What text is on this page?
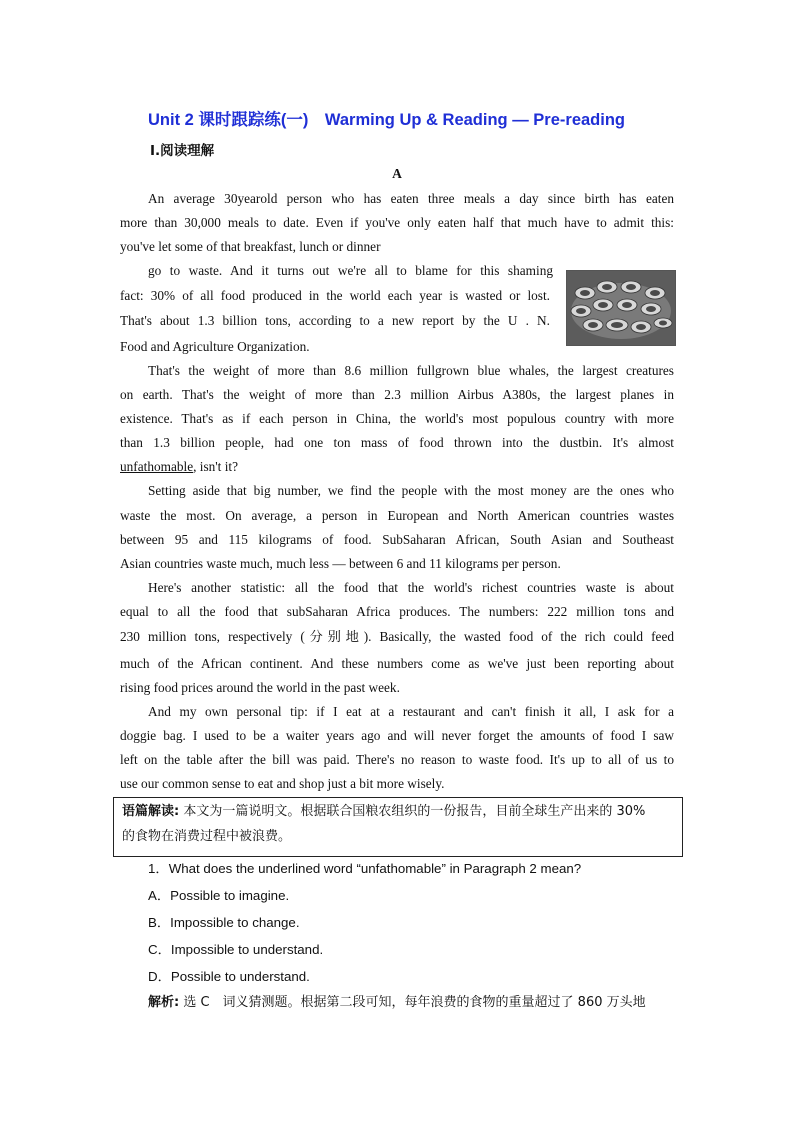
Unit 2 课时跟踪练(一)　Warming Up & Reading — Pre-reading
Ⅰ.阅读理解
A
An average 30yearold person who has eaten three meals a day since birth has eaten
more than 30,000 meals to date. Even if you've only eaten half that much have to admit this:
you've let some of that breakfast, lunch or dinner
go to waste. And it turns out we're all to blame for this shaming
fact: 30% of all food produced in the world each year is wasted or lost.
That's about 1.3 billion tons, according to a new report by the U . N.
Food and Agriculture Organization.
That's the weight of more than 8.6 million fullgrown blue whales, the largest creatures
on earth. That's the weight of more than 2.3 million Airbus A380s, the largest planes in
existence. That's as if each person in China, the world's most populous country with more
than 1.3 billion people, had one ton mass of food thrown into the dustbin. It's almost
unfathomable, isn't it?
Setting aside that big number, we find the people with the most money are the ones who
waste the most. On average, a person in European and North American countries wastes
between 95 and 115 kilograms of food. SubSaharan African, South Asian and Southeast
Asian countries waste much, much less — between 6 and 11 kilograms per person.
Here's another statistic: all the food that the world's richest countries waste is about
equal to all the food that subSaharan Africa produces. The numbers: 222 million tons and
230 million tons, respectively (分别地). Basically, the wasted food of the rich could feed
much of the African continent. And these numbers come as we've just been reporting about
rising food prices around the world in the past week.
And my own personal tip: if I eat at a restaurant and can't finish it all, I ask for a
doggie bag. I used to be a waiter years ago and will never forget the amounts of food I saw
left on the table after the bill was paid. There's no reason to waste food. It's up to all of us to
use our common sense to eat and shop just a bit more wisely.
语篇解读: 本文为一篇说明文。根据联合国粮农组织的一份报告，目前全球生产出来的 30%
的食物在消费过程中被浪费。
1．What does the underlined word “unfathomable” in Paragraph 2 mean?
A．Possible to imagine.
B．Impossible to change.
C．Impossible to understand.
D．Possible to understand.
解析: 选 C　词义猜测题。根据第二段可知，每年浪费的食物的重量超过了 860 万头地
